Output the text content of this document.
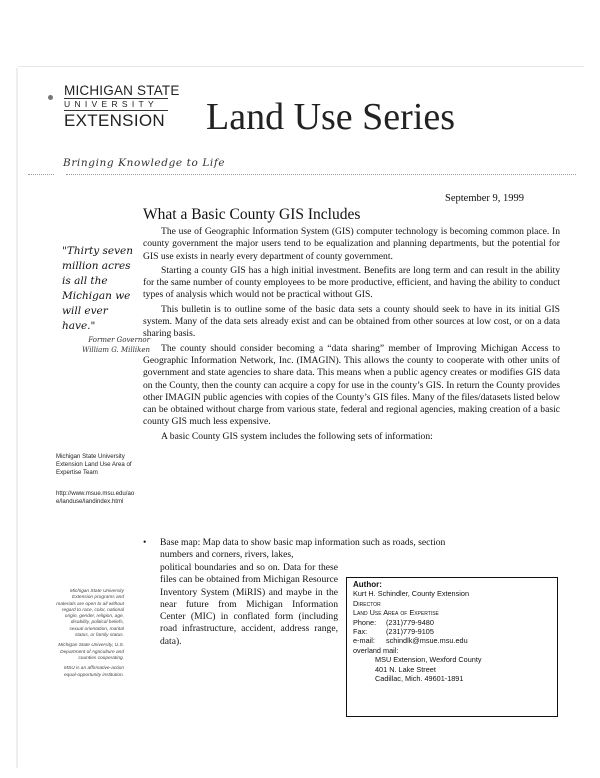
MICHIGAN STATE
UNIVERSITY
EXTENSION	Land Use Series
Bringing Knowledge to Life
"Thirty seven million acres is all the Michigan we will ever have."
Former Governor
William G. Milliken
Michigan State University Extension Land Use Area of Expertise Team
http://www.msue.msu.edu/aoe/landuse/landindex.html

Michigan State University Extension programs and materials are open to all without regard to race, color, national origin, gender, religion, age, disability, political beliefs, sexual orientation, marital status, or family status.

Michigan State University, U.S. Department of Agriculture and counties cooperating.

MSU is an affirmative-action equal-opportunity institution.

September 9, 1999
What a Basic County GIS Includes

The use of Geographic Information System (GIS) computer technology is becoming common place. In county government the major users tend to be equalization and planning departments, but the potential for GIS use exists in nearly every department of county government.

Starting a county GIS has a high initial investment. Benefits are long term and can result in the ability for the same number of county employees to be more productive, efficient, and having the ability to conduct types of analysis which would not be practical without GIS.

This bulletin is to outline some of the basic data sets a county should seek to have in its initial GIS system. Many of the data sets already exist and can be obtained from other sources at low cost, or on a data sharing basis.

The county should consider becoming a “data sharing” member of Improving Michigan Access to Geographic Information Network, Inc. (IMAGIN). This allows the county to cooperate with other units of government and state agencies to share data. This means when a public agency creates or modifies GIS data on the County, then the county can acquire a copy for use in the county’s GIS. In return the County provides other IMAGIN public agencies with copies of the County’s GIS files. Many of the files/datasets listed below can be obtained without charge from various state, federal and regional agencies, making creation of a basic county GIS much less expensive.

A basic County GIS system includes the following sets of information:

• Base map: Map data to show basic map information such as roads, section
numbers and corners, rivers, lakes,
political boundaries and so on. Data for these files can be obtained from Michigan Resource Inventory System (MiRIS) and maybe in the near future from Michigan Information Center (MIC) in conflated form (including road infrastructure, accident, address range, data).
Author:
Kurt H. Schindler, County Extension
Director
Land Use Area of Expertise
Phone:	(231)779-9480
Fax:	(231)779-9105
e-mail:	schindlk@msue.msu.edu
overland mail:
MSU Extension, Wexford County
401 N. Lake Street
Cadillac, Mich. 49601-1891
